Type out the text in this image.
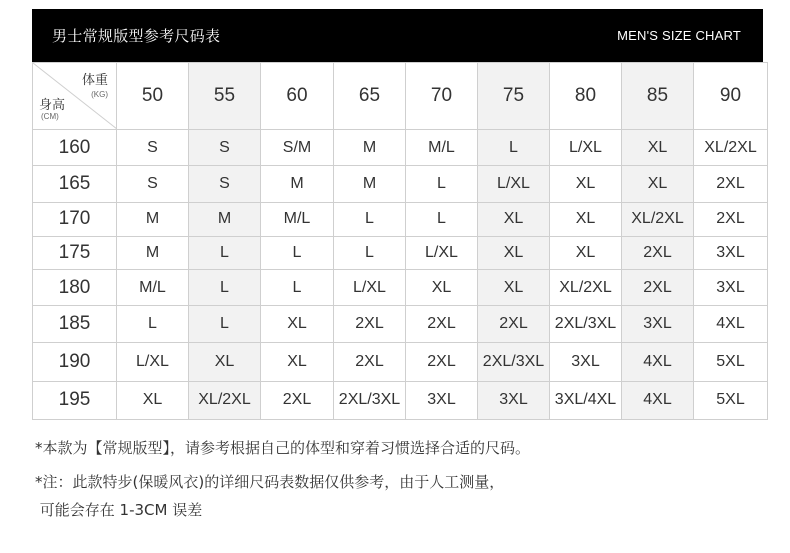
男士常规版型参考尺码表	MEN'S SIZE CHART
体重
(KG)
身高
(CM)	50	55	60	65	70	75	80	85	90
160	S	S	S/M	M	M/L	L	L/XL	XL	XL/2XL
165	S	S	M	M	L	L/XL	XL	XL	2XL
170	M	M	M/L	L	L	XL	XL	XL/2XL	2XL
175	M	L	L	L	L/XL	XL	XL	2XL	3XL
180	M/L	L	L	L/XL	XL	XL	XL/2XL	2XL	3XL
185	L	L	XL	2XL	2XL	2XL	2XL/3XL	3XL	4XL
190	L/XL	XL	XL	2XL	2XL	2XL/3XL	3XL	4XL	5XL
195	XL	XL/2XL	2XL	2XL/3XL	3XL	3XL	3XL/4XL	4XL	5XL

*本款为【常规版型】，请参考根据自己的体型和穿着习惯选择合适的尺码。

*注：此款特步(保暖风衣)的详细尺码表数据仅供参考，由于人工测量，

可能会存在 1-3CM 误差
